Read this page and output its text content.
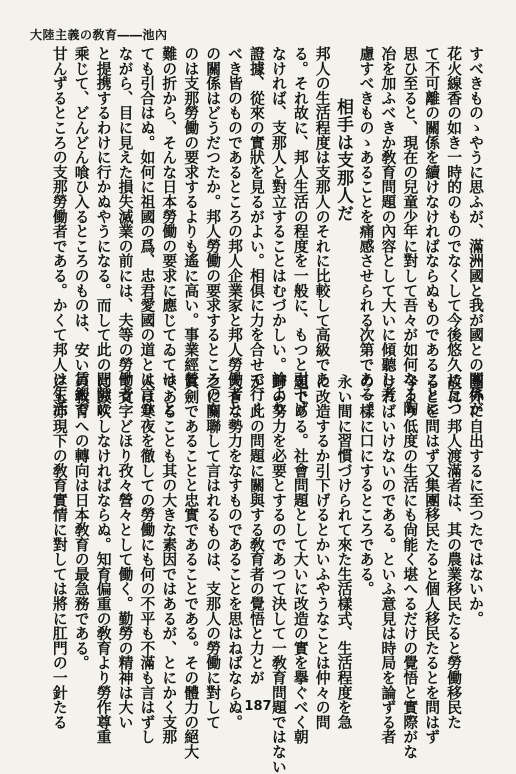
大陸主義の敎育――池內
すべきものゝやうに思ふが、滿洲國と我が國との關係が
花火線香の如き一時的のものでなくして今後悠久に亙つ
て不可離の關係を續けなければならぬものであることに
思ひ至ると、現在の兒童少年に對して吾々が如何なる陶
冶を加ふべきか敎育問題の內容として大いに傾聽し考
慮すべきものゝあることを痛感させられる次第である。
相手は支那人だ
邦人の生活程度は支那人のそれに比較して高級であ
る。それ故に、邦人生活の程度を一般に、もつと引下げ
なければ、支那人と對立することはむづかしい。論より
證據、從來の實狀を見るがよい。相俱に力を合せて行く
べき皆のものであるところの邦人企業家と邦人勞働者と
の關係はどうだつたか。邦人勞働の要求するところのも
のは支那勞働の要求するよりも遙に高い。事業經營
難の折から、そんな日本勞働の要求に應じてゐては、と
ても引合はぬ。如何に祖國の爲、忠君愛國の道とは言ひ
ながら、目に見えた損失滅業の前には、夫等の勞働者
と提携するわけに行かぬやうになる。而して此の間隙に
乘じて、どんどん喰ひ入るところのものは、安い賃銀で
甘んずるところの支那勞働者である。かくて邦人は生活
圏外に自出するに至つたではないか。
故に、邦人渡滿者は、其の農業移民たると勞働移民た
るとを問はず又集團移民たると個人移民たるとを問はず
今より低度の生活にも尙能く堪へるだけの覺悟と實際がな
ければいけないのである。といふ意見は時局を論ずる者
の一樣に口にするところである。
永い間に習慣づけられて來た生活樣式、生活程度を急
に改造するか引下げるとかいふやうなことは仲々の問
題である。社會問題として大いに改造の實を擧ぐべく朝
野の努力を必要とするのであつて決して一敎育問題ではない
が、此の問題に關與する敎育者の覺悟と力とが
大きな勢力をなすものであることを思はねばならぬ。
之に關聯して言はれるものは、支那人の勞働に對して
眞劍であることと忠實であることである。その體力の絕大
であることも其の大きな素因ではあるが、とにかく支那
人は寒夜を徹しての勞働にも何の不平も不滿も言はずし
て文字どほり孜々營々として働く。勤勞の精神は大い
に鼓吹しなければならぬ。知育偏重の敎育より勞作尊重
の敎育への轉向は日本敎育の最急務である。
之も亦現下の敎育實情に對しては將に肛門の一針たる	187
